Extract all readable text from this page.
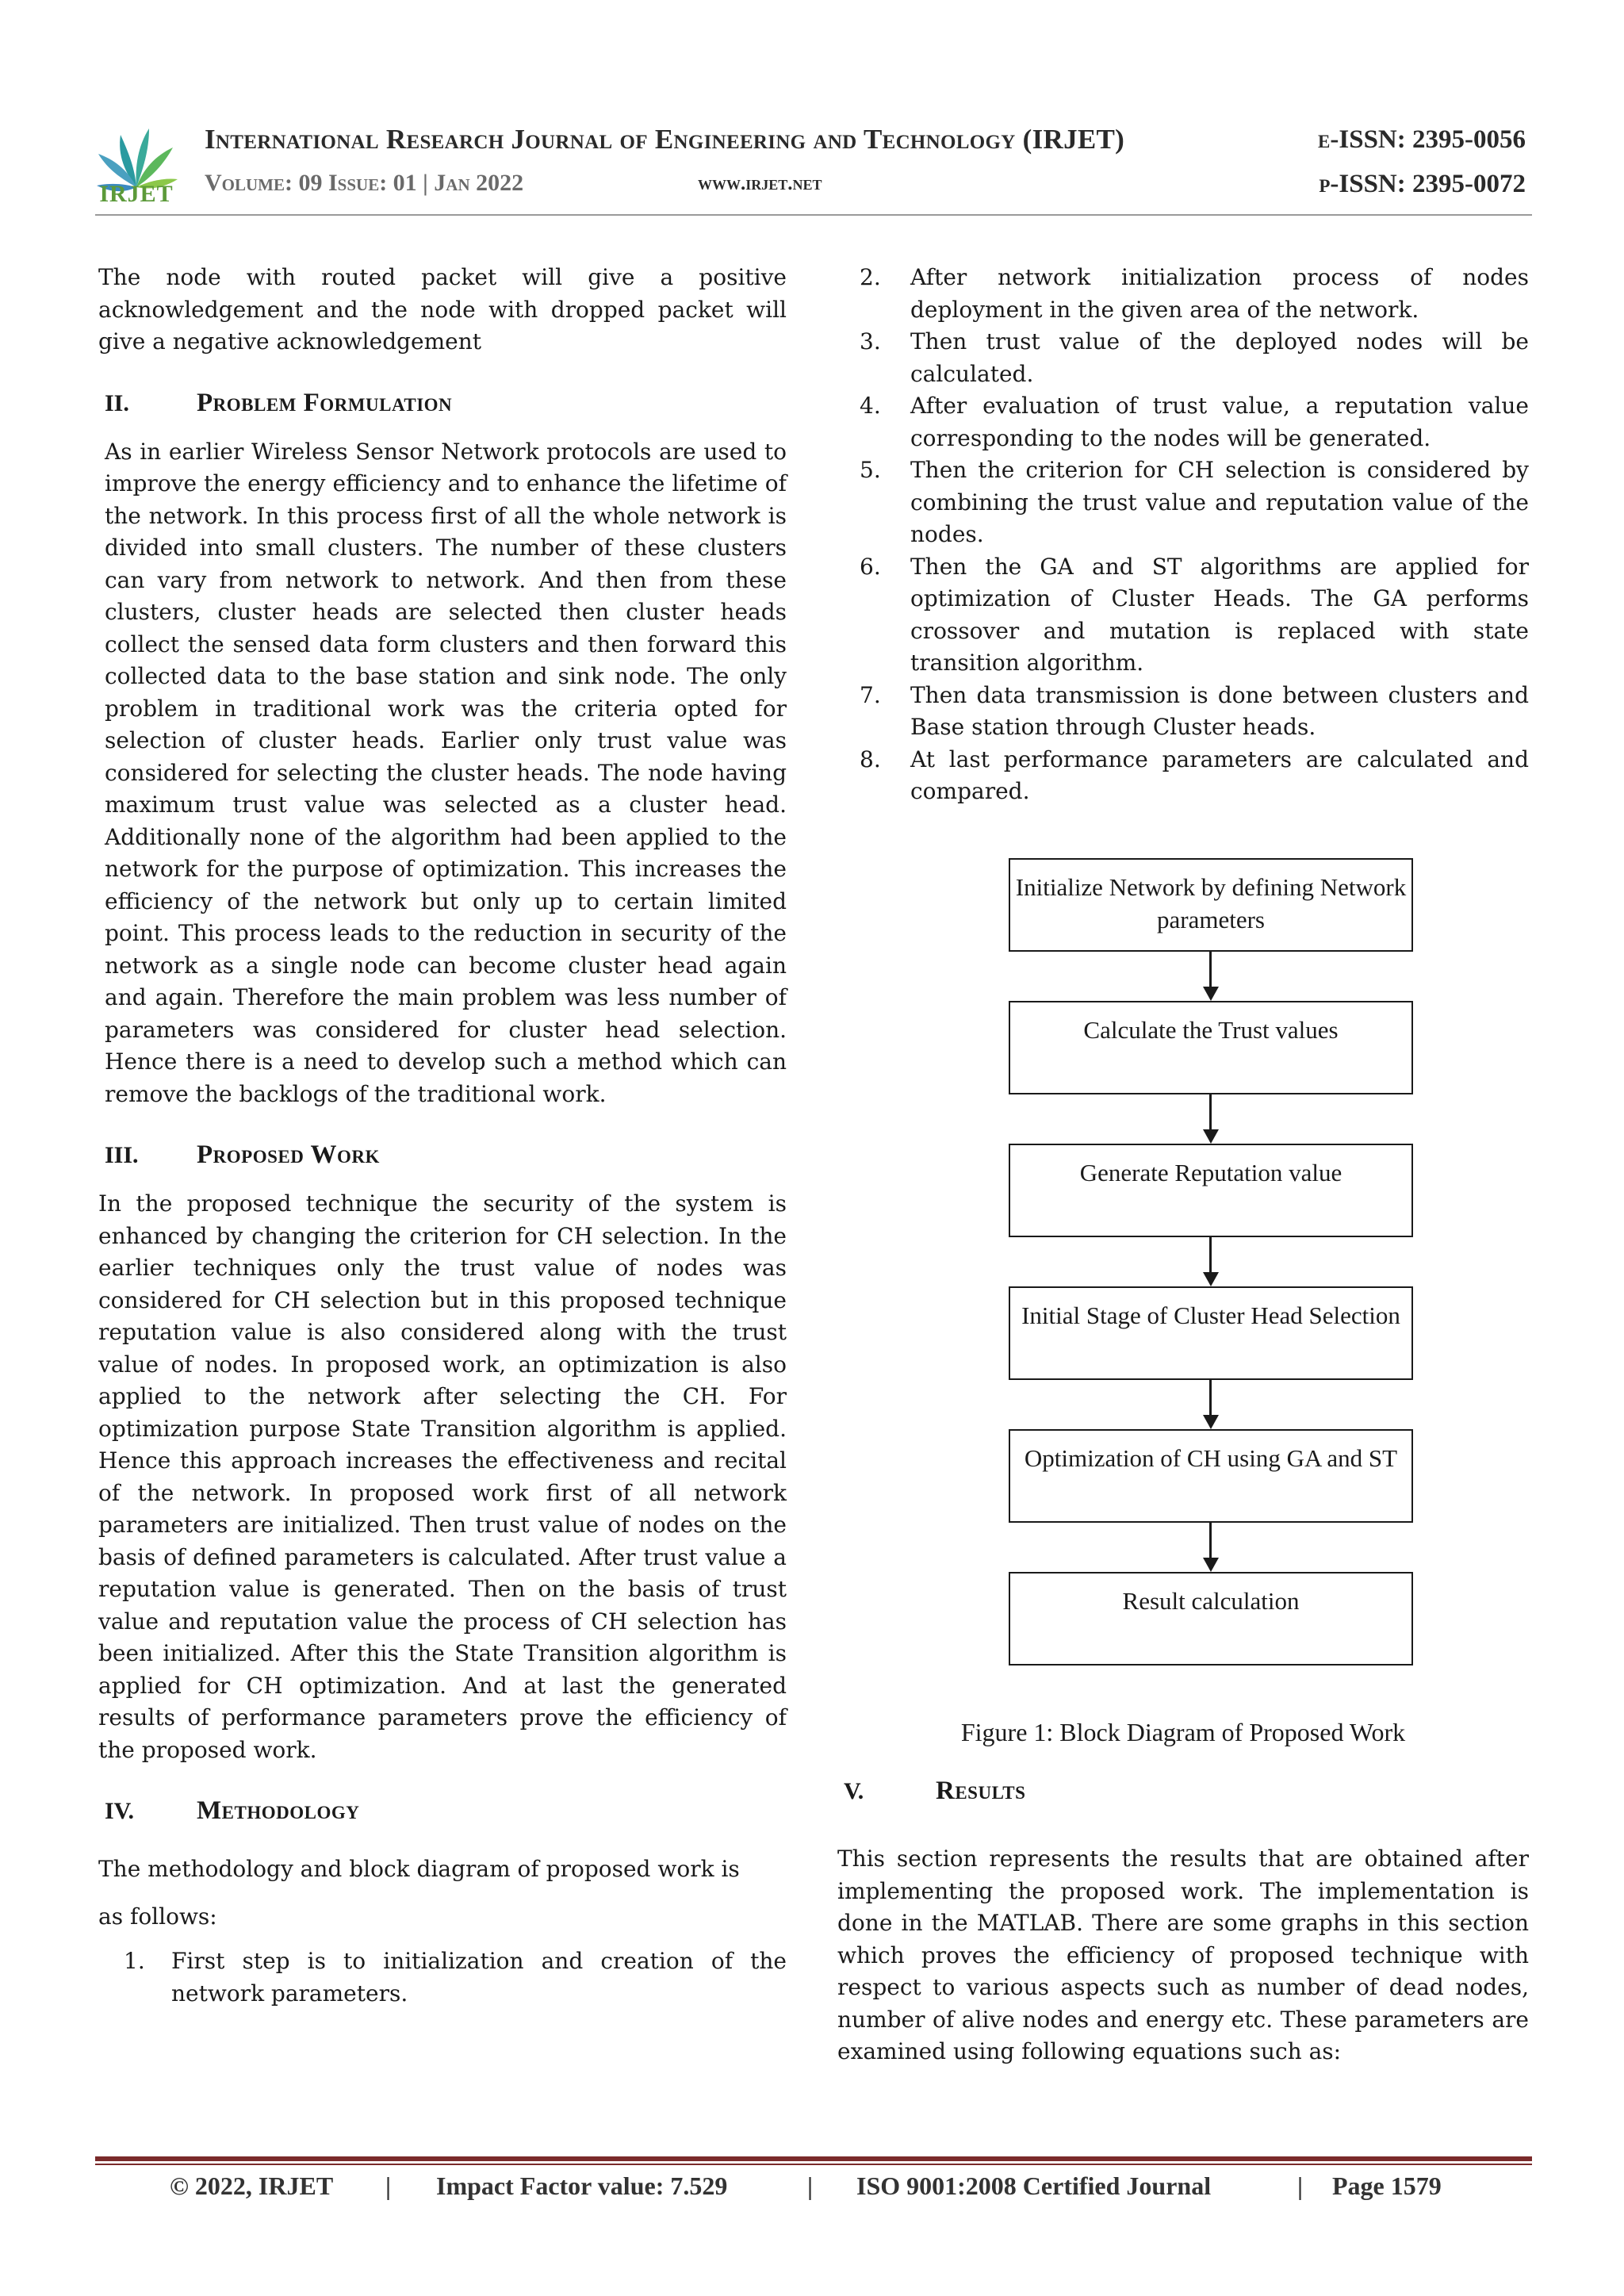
IRJET
International Research Journal of Engineering and Technology (IRJET)
Volume: 09 Issue: 01 | Jan 2022	www.irjet.net
e-ISSN: 2395-0056
p-ISSN: 2395-0072

The node with routed packet will give a positive acknowledgement and the node with dropped packet will give a negative acknowledgement

II.	Problem Formulation

As in earlier Wireless Sensor Network protocols are used to improve the energy efficiency and to enhance the lifetime of the network. In this process first of all the whole network is divided into small clusters. The number of these clusters can vary from network to network. And then from these clusters, cluster heads are selected then cluster heads collect the sensed data form clusters and then forward this collected data to the base station and sink node. The only problem in traditional work was the criteria opted for selection of cluster heads. Earlier only trust value was considered for selecting the cluster heads. The node having maximum trust value was selected as a cluster head. Additionally none of the algorithm had been applied to the network for the purpose of optimization. This increases the efficiency of the network but only up to certain limited point. This process leads to the reduction in security of the network as a single node can become cluster head again and again. Therefore the main problem was less number of parameters was considered for cluster head selection. Hence there is a need to develop such a method which can remove the backlogs of the traditional work.

III.	Proposed Work

In the proposed technique the security of the system is enhanced by changing the criterion for CH selection. In the earlier techniques only the trust value of nodes was considered for CH selection but in this proposed technique reputation value is also considered along with the trust value of nodes. In proposed work, an optimization is also applied to the network after selecting the CH. For optimization purpose State Transition algorithm is applied. Hence this approach increases the effectiveness and recital of the network. In proposed work first of all network parameters are initialized. Then trust value of nodes on the basis of defined parameters is calculated. After trust value a reputation value is generated. Then on the basis of trust value and reputation value the process of CH selection has been initialized. After this the State Transition algorithm is applied for CH optimization. And at last the generated results of performance parameters prove the efficiency of the proposed work.

IV.	Methodology

The methodology and block diagram of proposed work is
as follows:

1.	First step is to initialization and creation of the network parameters.
2.	After network initialization process of nodes deployment in the given area of the network.
3.	Then trust value of the deployed nodes will be calculated.
4.	After evaluation of trust value, a reputation value corresponding to the nodes will be generated.
5.	Then the criterion for CH selection is considered by combining the trust value and reputation value of the nodes.
6.	Then the GA and ST algorithms are applied for optimization of Cluster Heads. The GA performs crossover and mutation is replaced with state transition algorithm.
7.	Then data transmission is done between clusters and Base station through Cluster heads.
8.	At last performance parameters are calculated and compared.
Initialize Network by defining Network parameters
Calculate the Trust values
Generate Reputation value
Initial Stage of Cluster Head Selection
Optimization of CH using GA and ST
Result calculation
Figure 1: Block Diagram of Proposed Work
V.	Results

This section represents the results that are obtained after implementing the proposed work. The implementation is done in the MATLAB. There are some graphs in this section which proves the efficiency of proposed technique with respect to various aspects such as number of dead nodes, number of alive nodes and energy etc. These parameters are examined using following equations such as:

© 2022, IRJET | Impact Factor value: 7.529	| ISO 9001:2008 Certified Journal	| Page 1579
